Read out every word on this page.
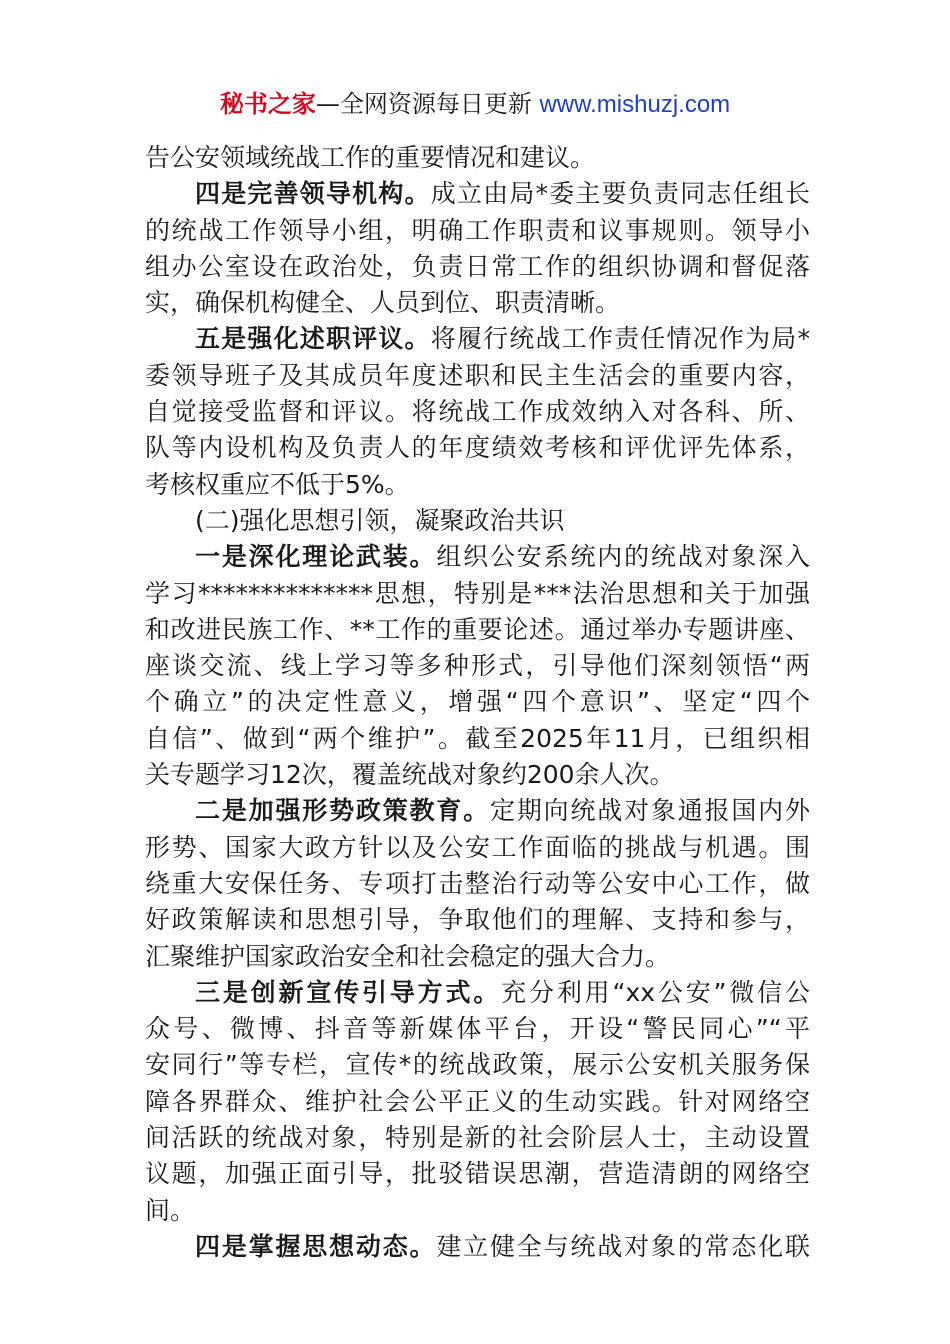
秘书之家—全网资源每日更新 www.mishuzj.com
告公安领域统战工作的重要情况和建议。
四是完善领导机构。成立由局*委主要负责同志任组长
的统战工作领导小组，明确工作职责和议事规则。领导小
组办公室设在政治处，负责日常工作的组织协调和督促落
实，确保机构健全、人员到位、职责清晰。
五是强化述职评议。将履行统战工作责任情况作为局*
委领导班子及其成员年度述职和民主生活会的重要内容，
自觉接受监督和评议。将统战工作成效纳入对各科、所、
队等内设机构及负责人的年度绩效考核和评优评先体系，
考核权重应不低于5%。
(二)强化思想引领，凝聚政治共识
一是深化理论武装。组织公安系统内的统战对象深入
学习**************思想，特别是***法治思想和关于加强
和改进民族工作、**工作的重要论述。通过举办专题讲座、
座谈交流、线上学习等多种形式，引导他们深刻领悟“两
个确立”的决定性意义，增强“四个意识”、坚定“四个
自信”、做到“两个维护”。截至2025年11月，已组织相
关专题学习12次，覆盖统战对象约200余人次。
二是加强形势政策教育。定期向统战对象通报国内外
形势、国家大政方针以及公安工作面临的挑战与机遇。围
绕重大安保任务、专项打击整治行动等公安中心工作，做
好政策解读和思想引导，争取他们的理解、支持和参与，
汇聚维护国家政治安全和社会稳定的强大合力。
三是创新宣传引导方式。充分利用“xx公安”微信公
众号、微博、抖音等新媒体平台，开设“警民同心”“平
安同行”等专栏，宣传*的统战政策，展示公安机关服务保
障各界群众、维护社会公平正义的生动实践。针对网络空
间活跃的统战对象，特别是新的社会阶层人士，主动设置
议题，加强正面引导，批驳错误思潮，营造清朗的网络空
间。
四是掌握思想动态。建立健全与统战对象的常态化联
